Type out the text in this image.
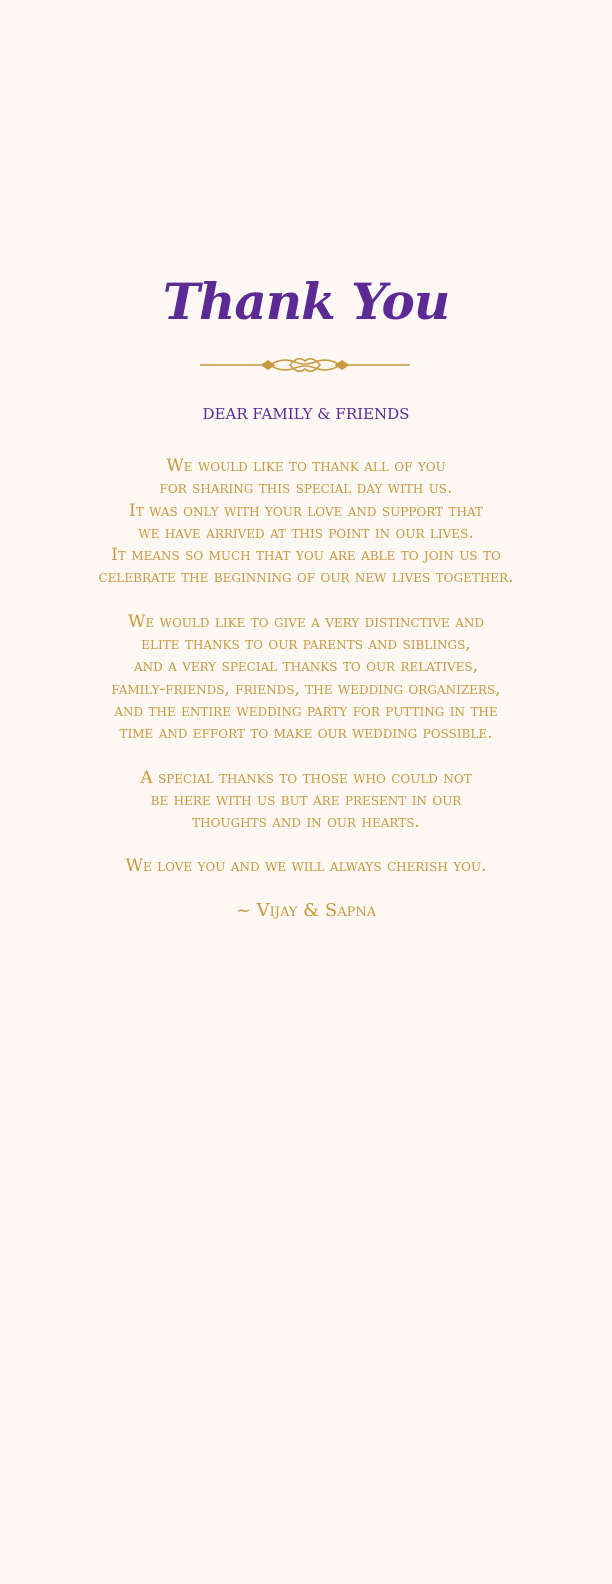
Thank You

DEAR FAMILY & FRIENDS

We would like to thank all of you
for sharing this special day with us.
It was only with your love and support that
we have arrived at this point in our lives.
It means so much that you are able to join us to
celebrate the beginning of our new lives together.

We would like to give a very distinctive and
elite thanks to our parents and siblings,
and a very special thanks to our relatives,
family-friends, friends, the wedding organizers,
and the entire wedding party for putting in the
time and effort to make our wedding possible.

A special thanks to those who could not
be here with us but are present in our
thoughts and in our hearts.

We love you and we will always cherish you.

~ Vijay & Sapna
